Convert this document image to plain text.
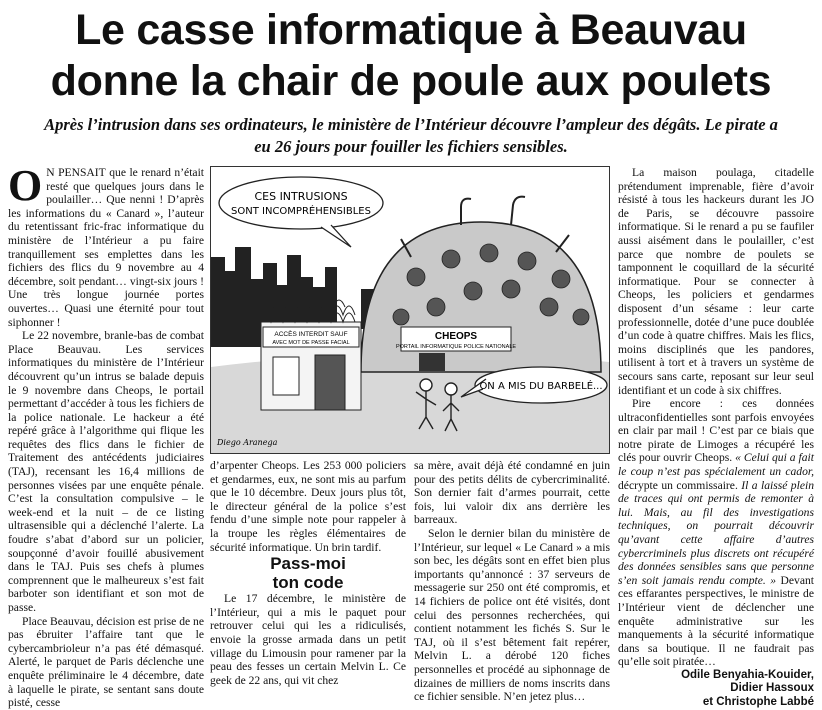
Le casse informatique à Beauvau
donne la chair de poule aux poulets

Après l’intrusion dans ses ordinateurs, le ministère de l’Intérieur découvre l’ampleur des dégâts. Le pirate a eu 26 jours pour fouiller les fichiers sensibles.

O N PENSAIT que le renard n’était resté que quelques jours dans le poulailler… Que nenni ! D’après les informations du « Canard », l’auteur du retentissant fric-frac informatique du ministère de l’Intérieur a pu faire tranquillement ses emplettes dans les fichiers des flics du 9 novembre au 4 décembre, soit pendant… vingt-six jours ! Une très longue journée portes ouvertes… Quasi une éternité pour tout siphonner !

Le 22 novembre, branle-bas de combat Place Beauvau. Les services informatiques du ministère de l’Intérieur découvrent qu’un intrus se balade depuis le 9 novembre dans Cheops, le portail permettant d’accéder à tous les fichiers de la police nationale. Le hackeur a été repéré grâce à l’algorithme qui flique les requêtes des flics dans le fichier de Traitement des antécédents judiciaires (TAJ), recensant les 16,4 millions de personnes visées par une enquête pénale. C’est la consultation compulsive – le week-end et la nuit – de ce listing ultrasensible qui a déclenché l’alerte. La foudre s’abat d’abord sur un policier, soupçonné d’avoir fouillé abusivement dans le TAJ. Puis ses chefs à plumes comprennent que le malheureux s’est fait barboter son identifiant et son mot de passe.

Place Beauvau, décision est prise de ne pas ébruiter l’affaire tant que le cybercambrioleur n’a pas été démasqué. Alerté, le parquet de Paris déclenche une enquête préliminaire le 4 décembre, date à laquelle le pirate, se sentant sans doute pisté, cesse

CHEOPS
PORTAIL INFORMATIQUE POLICE NATIONALE
ACCÈS INTERDIT SAUF
AVEC MOT DE PASSE FACIAL
CES INTRUSIONS
SONT INCOMPRÉHENSIBLES
ON A MIS DU BARBELÉ...
Diego Aranega

d’arpenter Cheops. Les 253 000 policiers et gendarmes, eux, ne sont mis au parfum que le 10 décembre. Deux jours plus tôt, le directeur général de la police s’est fendu d’une simple note pour rappeler à la troupe les règles élémentaires de sécurité informatique. Un brin tardif.

Pass-moi
ton code

Le 17 décembre, le ministère de l’Intérieur, qui a mis le paquet pour retrouver celui qui les a ridiculisés, envoie la grosse armada dans un petit village du Limousin pour ramener par la peau des fesses un certain Melvin L. Ce geek de 22 ans, qui vit chez

sa mère, avait déjà été condamné en juin pour des petits délits de cybercriminalité. Son dernier fait d’armes pourrait, cette fois, lui valoir dix ans derrière les barreaux.

Selon le dernier bilan du ministère de l’Intérieur, sur lequel « Le Canard » a mis son bec, les dégâts sont en effet bien plus importants qu’annoncé : 37 serveurs de messagerie sur 250 ont été compromis, et 14 fichiers de police ont été visités, dont celui des personnes recherchées, qui contient notamment les fichés S. Sur le TAJ, où il s’est bêtement fait repérer, Melvin L. a dérobé 120 fiches personnelles et procédé au siphonnage de dizaines de milliers de noms inscrits dans ce fichier sensible. N’en jetez plus…

La maison poulaga, citadelle prétendument imprenable, fière d’avoir résisté à tous les hackeurs durant les JO de Paris, se découvre passoire informatique. Si le renard a pu se faufiler aussi aisément dans le poulailler, c’est parce que nombre de poulets se tamponnent le coquillard de la sécurité informatique. Pour se connecter à Cheops, les policiers et gendarmes disposent d’un sésame : leur carte professionnelle, dotée d’une puce doublée d’un code à quatre chiffres. Mais les flics, moins disciplinés que les pandores, utilisent à tort et à travers un système de secours sans carte, reposant sur leur seul identifiant et un code à six chiffres.

Pire encore : ces données ultraconfidentielles sont parfois envoyées en clair par mail ! C’est par ce biais que notre pirate de Limoges a récupéré les clés pour ouvrir Cheops. « Celui qui a fait le coup n’est pas spécialement un cador, décrypte un commissaire. Il a laissé plein de traces qui ont permis de remonter à lui. Mais, au fil des investigations techniques, on pourrait découvrir qu’avant cette affaire d’autres cybercriminels plus discrets ont récupéré des données sensibles sans que personne s’en soit jamais rendu compte. » Devant ces effarantes perspectives, le ministre de l’Intérieur vient de déclencher une enquête administrative sur les manquements à la sécurité informatique dans sa boutique. Il ne faudrait pas qu’elle soit piratée…

Odile Benyahia-Kouider,

Didier Hassoux

et Christophe Labbé
